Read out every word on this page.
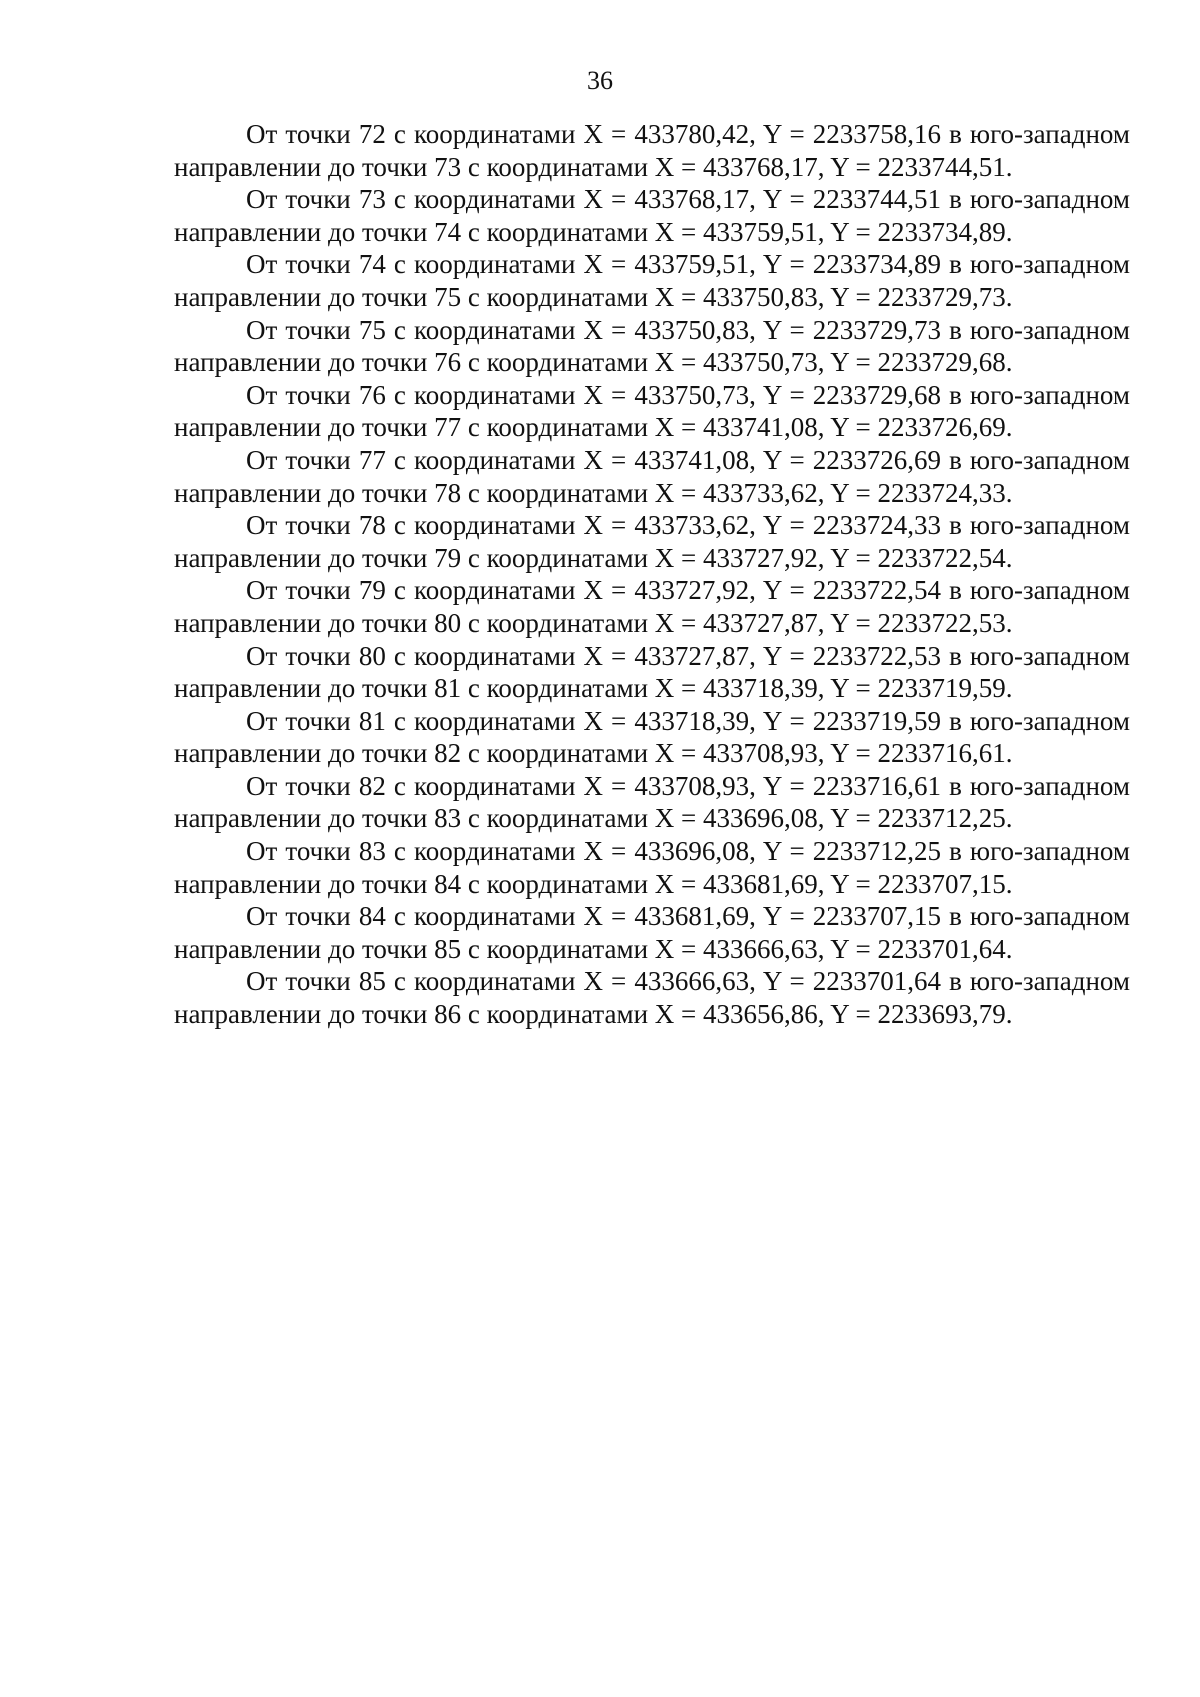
36

От точки 72 с координатами X = 433780,42, Y = 2233758,16 в юго-западном направлении до точки 73 с координатами X = 433768,17, Y = 2233744,51.

От точки 73 с координатами X = 433768,17, Y = 2233744,51 в юго-западном направлении до точки 74 с координатами X = 433759,51, Y = 2233734,89.

От точки 74 с координатами X = 433759,51, Y = 2233734,89 в юго-западном направлении до точки 75 с координатами X = 433750,83, Y = 2233729,73.

От точки 75 с координатами X = 433750,83, Y = 2233729,73 в юго-западном направлении до точки 76 с координатами X = 433750,73, Y = 2233729,68.

От точки 76 с координатами X = 433750,73, Y = 2233729,68 в юго-западном направлении до точки 77 с координатами X = 433741,08, Y = 2233726,69.

От точки 77 с координатами X = 433741,08, Y = 2233726,69 в юго-западном направлении до точки 78 с координатами X = 433733,62, Y = 2233724,33.

От точки 78 с координатами X = 433733,62, Y = 2233724,33 в юго-западном направлении до точки 79 с координатами X = 433727,92, Y = 2233722,54.

От точки 79 с координатами X = 433727,92, Y = 2233722,54 в юго-западном направлении до точки 80 с координатами X = 433727,87, Y = 2233722,53.

От точки 80 с координатами X = 433727,87, Y = 2233722,53 в юго-западном направлении до точки 81 с координатами X = 433718,39, Y = 2233719,59.

От точки 81 с координатами X = 433718,39, Y = 2233719,59 в юго-западном направлении до точки 82 с координатами X = 433708,93, Y = 2233716,61.

От точки 82 с координатами X = 433708,93, Y = 2233716,61 в юго-западном направлении до точки 83 с координатами X = 433696,08, Y = 2233712,25.

От точки 83 с координатами X = 433696,08, Y = 2233712,25 в юго-западном направлении до точки 84 с координатами X = 433681,69, Y = 2233707,15.

От точки 84 с координатами X = 433681,69, Y = 2233707,15 в юго-западном направлении до точки 85 с координатами X = 433666,63, Y = 2233701,64.

От точки 85 с координатами X = 433666,63, Y = 2233701,64 в юго-западном направлении до точки 86 с координатами X = 433656,86, Y = 2233693,79.
